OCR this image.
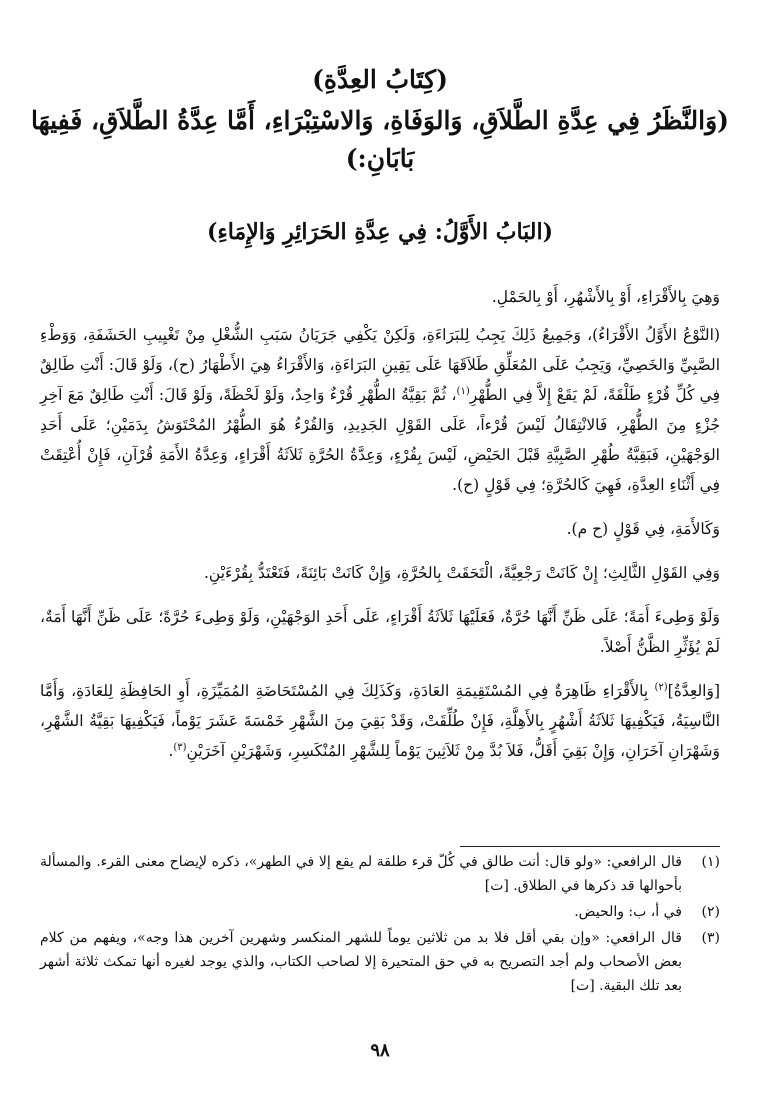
(كِتَابُ العِدَّةِ)
(وَالنَّظَرُ فِي عِدَّةِ الطَّلاَقِ، وَالوَفَاةِ، وَالاسْتِبْرَاءِ، أَمَّا عِدَّةُ الطَّلاَقِ، فَفِيهَا بَابَانِ:)
(البَابُ الأَوَّلُ: فِي عِدَّةِ الحَرَائِرِ وَالإِمَاءِ)

وَهِيَ بِالأَقْرَاءِ، أَوْ بِالأَشْهُرِ، أَوْ بِالحَمْلِ.

(النَّوْعُ الأَوَّلُ الأَقْرَاءُ)، وَجَمِيعُ ذَلِكَ يَجِبُ لِلبَرَاءَةِ، وَلَكِنْ يَكْفِي جَرَيَانُ سَبَبِ الشُّغْلِ مِنْ تَغْيِيبِ الحَشَفَةِ، وَوَطْءِ الصَّبِيِّ وَالخَصِيِّ، وَيَجِبُ عَلَى المُعَلِّقِ طَلاَقَهَا عَلَى يَقِينِ البَرَاءَةِ، وَالأَقْرَاءُ هِيَ الأَطْهَارُ (ح)، وَلَوْ قَالَ: أَنْتِ طَالِقٌ فِي كُلِّ قُرْءٍ طَلْقَةً، لَمْ يَقَعْ إِلاَّ فِي الطُّهْرِ$^{(١)}$، ثُمَّ بَقِيَّةُ الطُّهْرِ قُرْءٌ وَاحِدٌ، وَلَوْ لَحْظَةً، وَلَوْ قَالَ: أَنْتِ طَالِقٌ مَعَ آخِرِ جُزْءٍ مِنَ الطُّهْرِ، فَالانْتِقَالُ لَيْسَ قُرْءاً، عَلَى القَوْلِ الجَدِيدِ، وَالقُرْءُ هُوَ الطُّهْرُ المُحْتَوَشُ بِدَمَيْنِ؛ عَلَى أَحَدِ الوَجْهَيْنِ، فَبَقِيَّةُ طُهْرِ الصَّبِيَّةِ قَبْلَ الحَيْضِ، لَيْسَ بِقُرْءٍ، وَعِدَّةُ الحُرَّةِ ثَلاَثَةُ أَقْرَاءٍ، وَعِدَّةُ الأَمَةِ قُرْآنِ، فَإِنْ أُعْتِقَتْ فِي أَثْنَاءِ العِدَّةِ، فَهِيَ كَالحُرَّةِ؛ فِي قَوْلٍ (ح).

وَكَالأَمَةِ، فِي قَوْلٍ (ح م).

وَفِي القَوْلِ الثَّالِثِ؛ إِنْ كَانَتْ رَجْعِيَّةً، الْتَحَقَتْ بِالحُرَّةِ، وَإِنْ كَانَتْ بَائِنَةً، فَتَعْتَدُّ بِقُرْءَيْنِ.

وَلَوْ وَطِىءَ أَمَةً؛ عَلَى ظَنِّ أَنَّهَا حُرَّةٌ، فَعَلَيْهَا ثَلاَثَةُ أَقْرَاءٍ، عَلَى أَحَدِ الوَجْهَيْنِ، وَلَوْ وَطِىءَ حُرَّةً؛ عَلَى ظَنِّ أَنَّهَا أَمَةٌ، لَمْ يُؤَثِّرِ الظَّنُّ أَصْلاً.

[وَالعِدَّةُ]$^{(٢)}$ بِالأَقْرَاءِ ظَاهِرَةٌ فِي المُسْتَقِيمَةِ العَادَةِ، وَكَذَلِكَ فِي المُسْتَحَاضَةِ المُمَيِّزَةِ، أَوِ الحَافِظَةِ لِلعَادَةِ، وَأَمَّا النَّاسِيَةُ، فَيَكْفِيهَا ثَلاَثَةُ أَشْهُرٍ بِالأَهِلَّةِ، فَإِنْ طُلِّقَتْ، وَقَدْ بَقِيَ مِنَ الشَّهْرِ خَمْسَةَ عَشَرَ يَوْماً، فَيَكْفِيهَا بَقِيَّةُ الشَّهْرِ، وَشَهْرَانِ آخَرَانِ، وَإِنْ بَقِيَ أَقَلُّ، فَلاَ بُدَّ مِنْ ثَلاَثِينَ يَوْماً لِلشَّهْرِ المُنْكَسِرِ، وَشَهْرَيْنِ آخَرَيْنِ$^{(٣)}$.

(١)
قال الرافعي: «ولو قال: أنت طالق في كُلّ قرء طلقة لم يقع إلا في الطهر»، ذكره لإيضاح معنى القرء. والمسألة بأحوالها قد ذكرها في الطلاق. [ت]
(٢)
في أ، ب: والحيض.
(٣)
قال الرافعي: «وإن بقي أقل فلا بد من ثلاثين يوماً للشهر المنكسر وشهرين آخرين هذا وجه»، ويفهم من كلام بعض الأصحاب ولم أجد التصريح به في حق المتحيرة إلا لصاحب الكتاب، والذي يوجد لغيره أنها تمكث ثلاثة أشهر بعد تلك البقية. [ت]
٩٨
